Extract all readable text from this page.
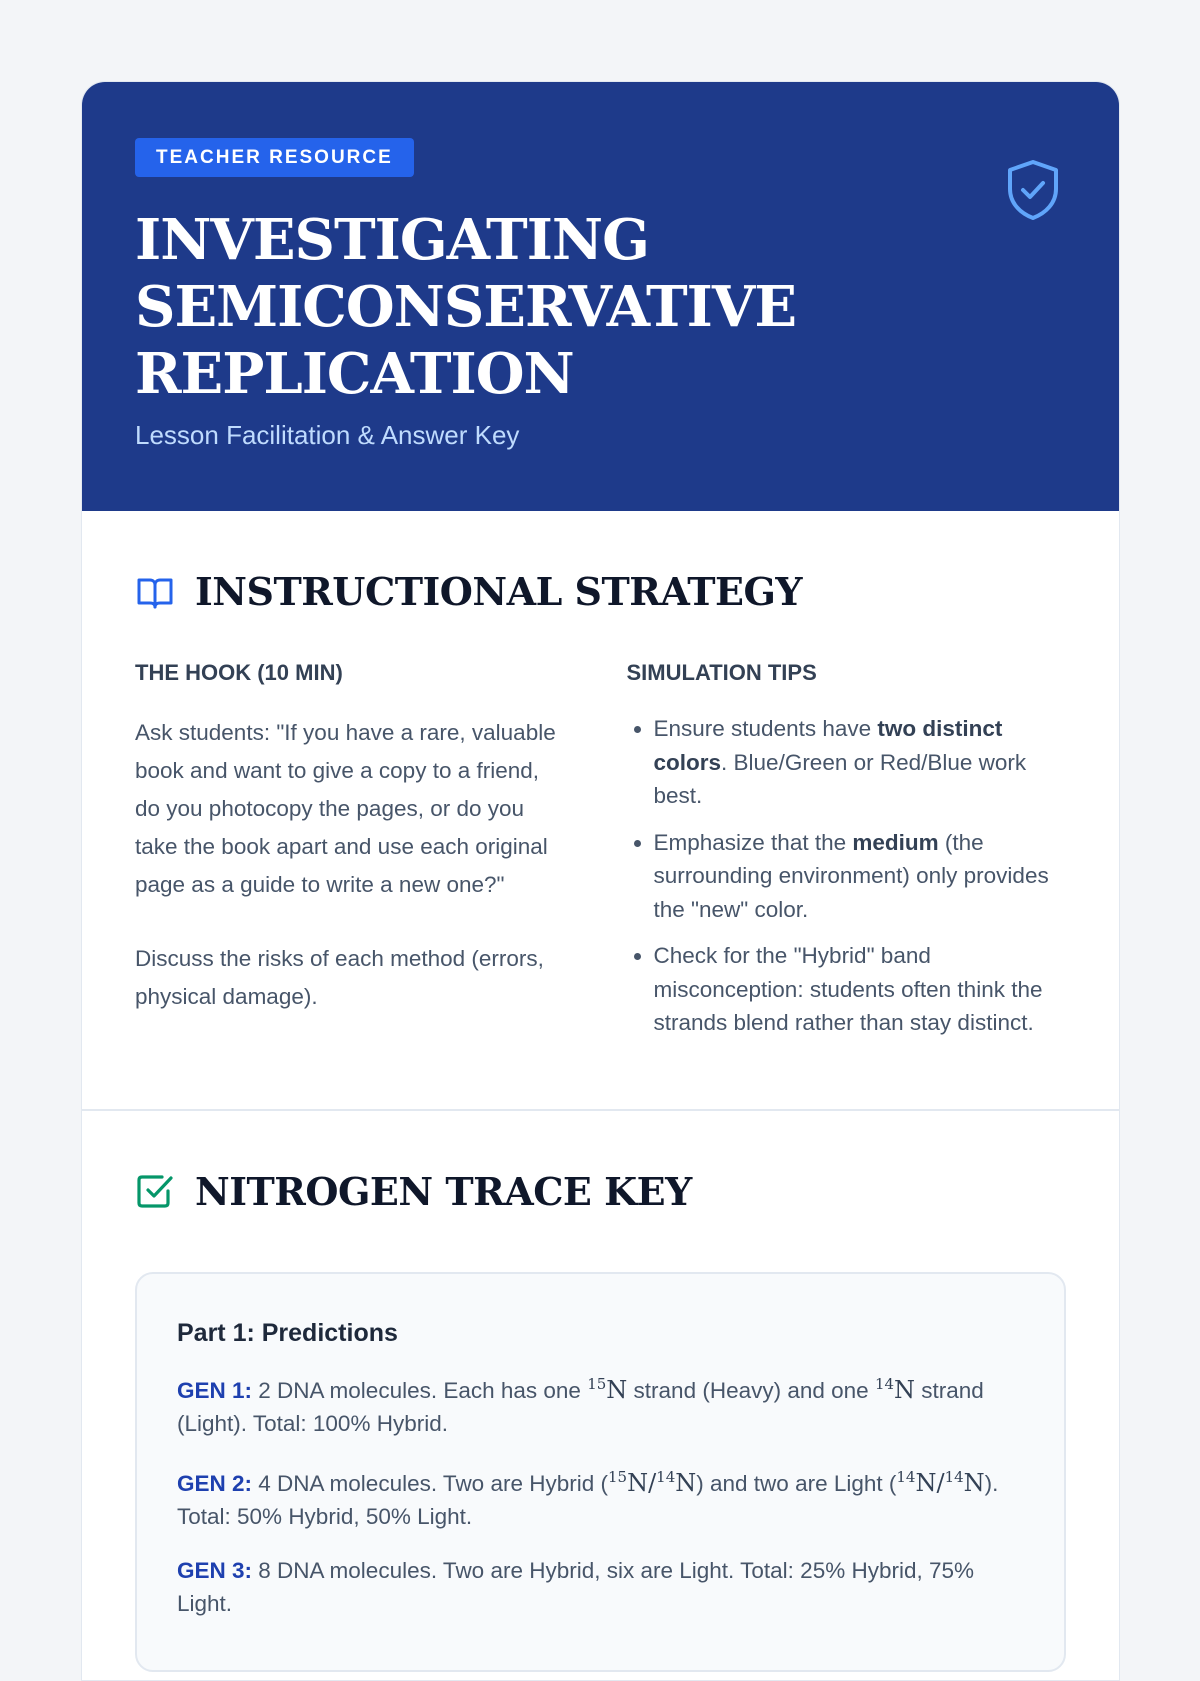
TEACHER RESOURCE
INVESTIGATING
SEMICONSERVATIVE
REPLICATION
Lesson Facilitation & Answer Key
INSTRUCTIONAL STRATEGY
THE HOOK (10 MIN)

Ask students: "If you have a rare, valuable book and want to give a copy to a friend, do you photocopy the pages, or do you take the book apart and use each original page as a guide to write a new one?"

Discuss the risks of each method (errors, physical damage).

SIMULATION TIPS
• Ensure students have two distinct colors. Blue/Green or Red/Blue work best.
• Emphasize that the medium (the surrounding environment) only provides the "new" color.
• Check for the "Hybrid" band misconception: students often think the strands blend rather than stay distinct.
NITROGEN TRACE KEY
Part 1: Predictions

GEN 1: 2 DNA molecules. Each has one $^{15}$N strand (Heavy) and one $^{14}$N strand (Light). Total: 100% Hybrid.

GEN 2: 4 DNA molecules. Two are Hybrid ($^{15}$N/$^{14}$N) and two are Light ($^{14}$N/$^{14}$N). Total: 50% Hybrid, 50% Light.

GEN 3: 8 DNA molecules. Two are Hybrid, six are Light. Total: 25% Hybrid, 75% Light.
